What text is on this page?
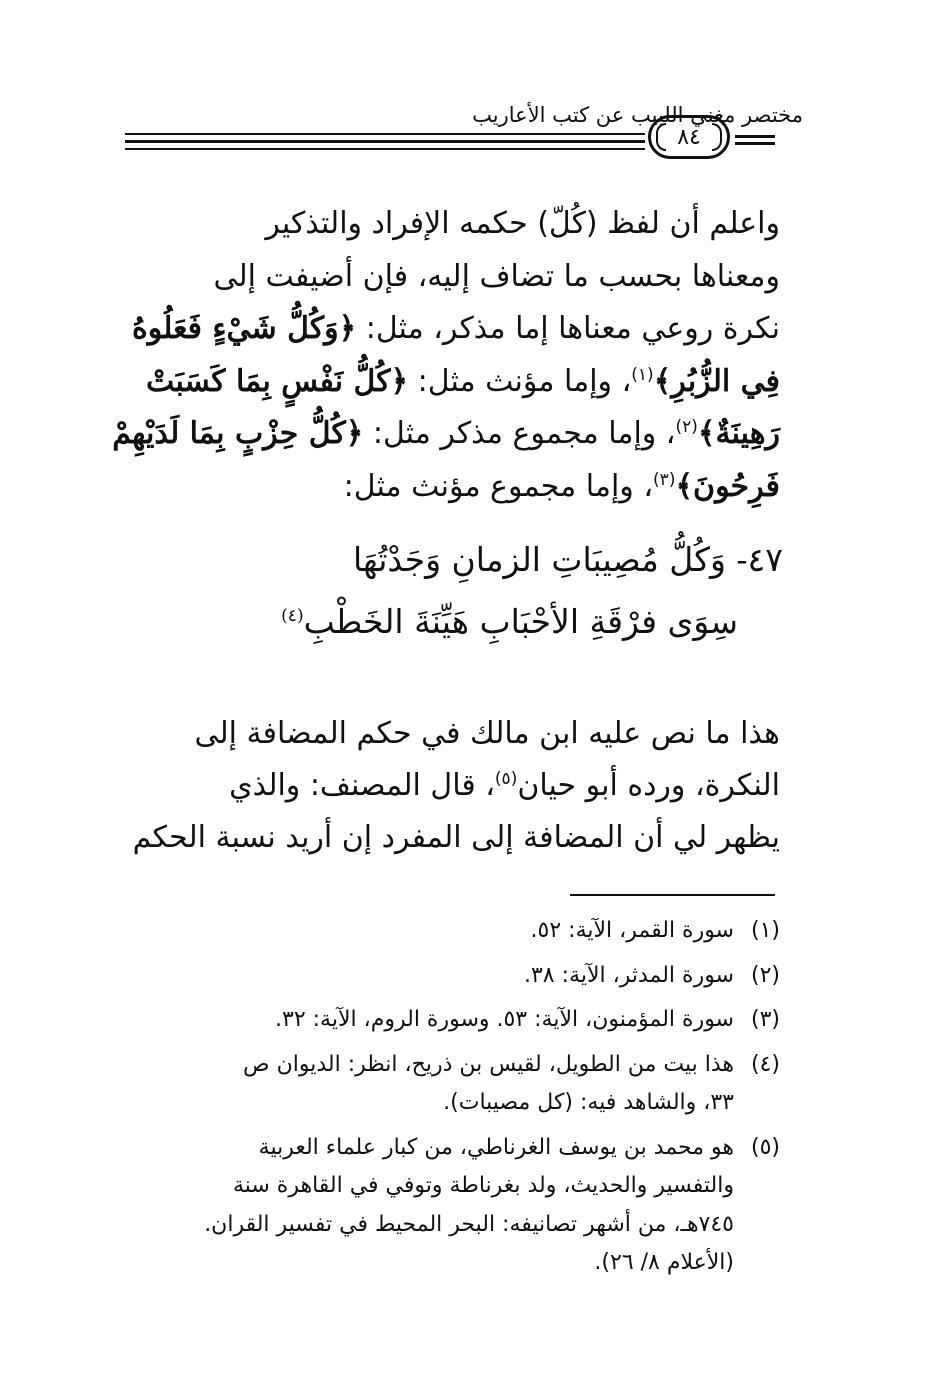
مختصر مغني اللبيب عن كتب الأعاريب
٨٤
واعلم أن لفظ (كُلّ) حكمه الإفراد والتذكير
ومعناها بحسب ما تضاف إليه، فإن أضيفت إلى
نكرة روعي معناها إما مذكر، مثل: ﴿وَكُلُّ شَيْءٍ فَعَلُوهُ
فِي الزُّبُرِ﴾$^{(١)}$، وإما مؤنث مثل: ﴿كُلُّ نَفْسٍ بِمَا كَسَبَتْ
رَهِينَةٌ﴾$^{(٢)}$، وإما مجموع مذكر مثل: ﴿كُلُّ حِزْبٍ بِمَا لَدَيْهِمْ
فَرِحُونَ﴾$^{(٣)}$، وإما مجموع مؤنث مثل:
٤٧- وَكُلُّ مُصِيبَاتِ الزمانِ وَجَدْتُهَا
سِوَى فرْقَةِ الأحْبَابِ هَيِّنَةَ الخَطْبِ$^{(٤)}$
هذا ما نص عليه ابن مالك في حكم المضافة إلى
النكرة، ورده أبو حيان$^{(٥)}$، قال المصنف: والذي
يظهر لي أن المضافة إلى المفرد إن أريد نسبة الحكم
(١)
سورة القمر، الآية: ٥٢.
(٢)
سورة المدثر، الآية: ٣٨.
(٣)
سورة المؤمنون، الآية: ٥٣. وسورة الروم، الآية: ٣٢.
(٤)
هذا بيت من الطويل، لقيس بن ذريح، انظر: الديوان ص
٣٣، والشاهد فيه: (كل مصيبات).
(٥)
هو محمد بن يوسف الغرناطي، من كبار علماء العربية
والتفسير والحديث، ولد بغرناطة وتوفي في القاهرة سنة
٧٤٥هـ، من أشهر تصانيفه: البحر المحيط في تفسير القران.
(الأعلام ٨/ ٢٦).
